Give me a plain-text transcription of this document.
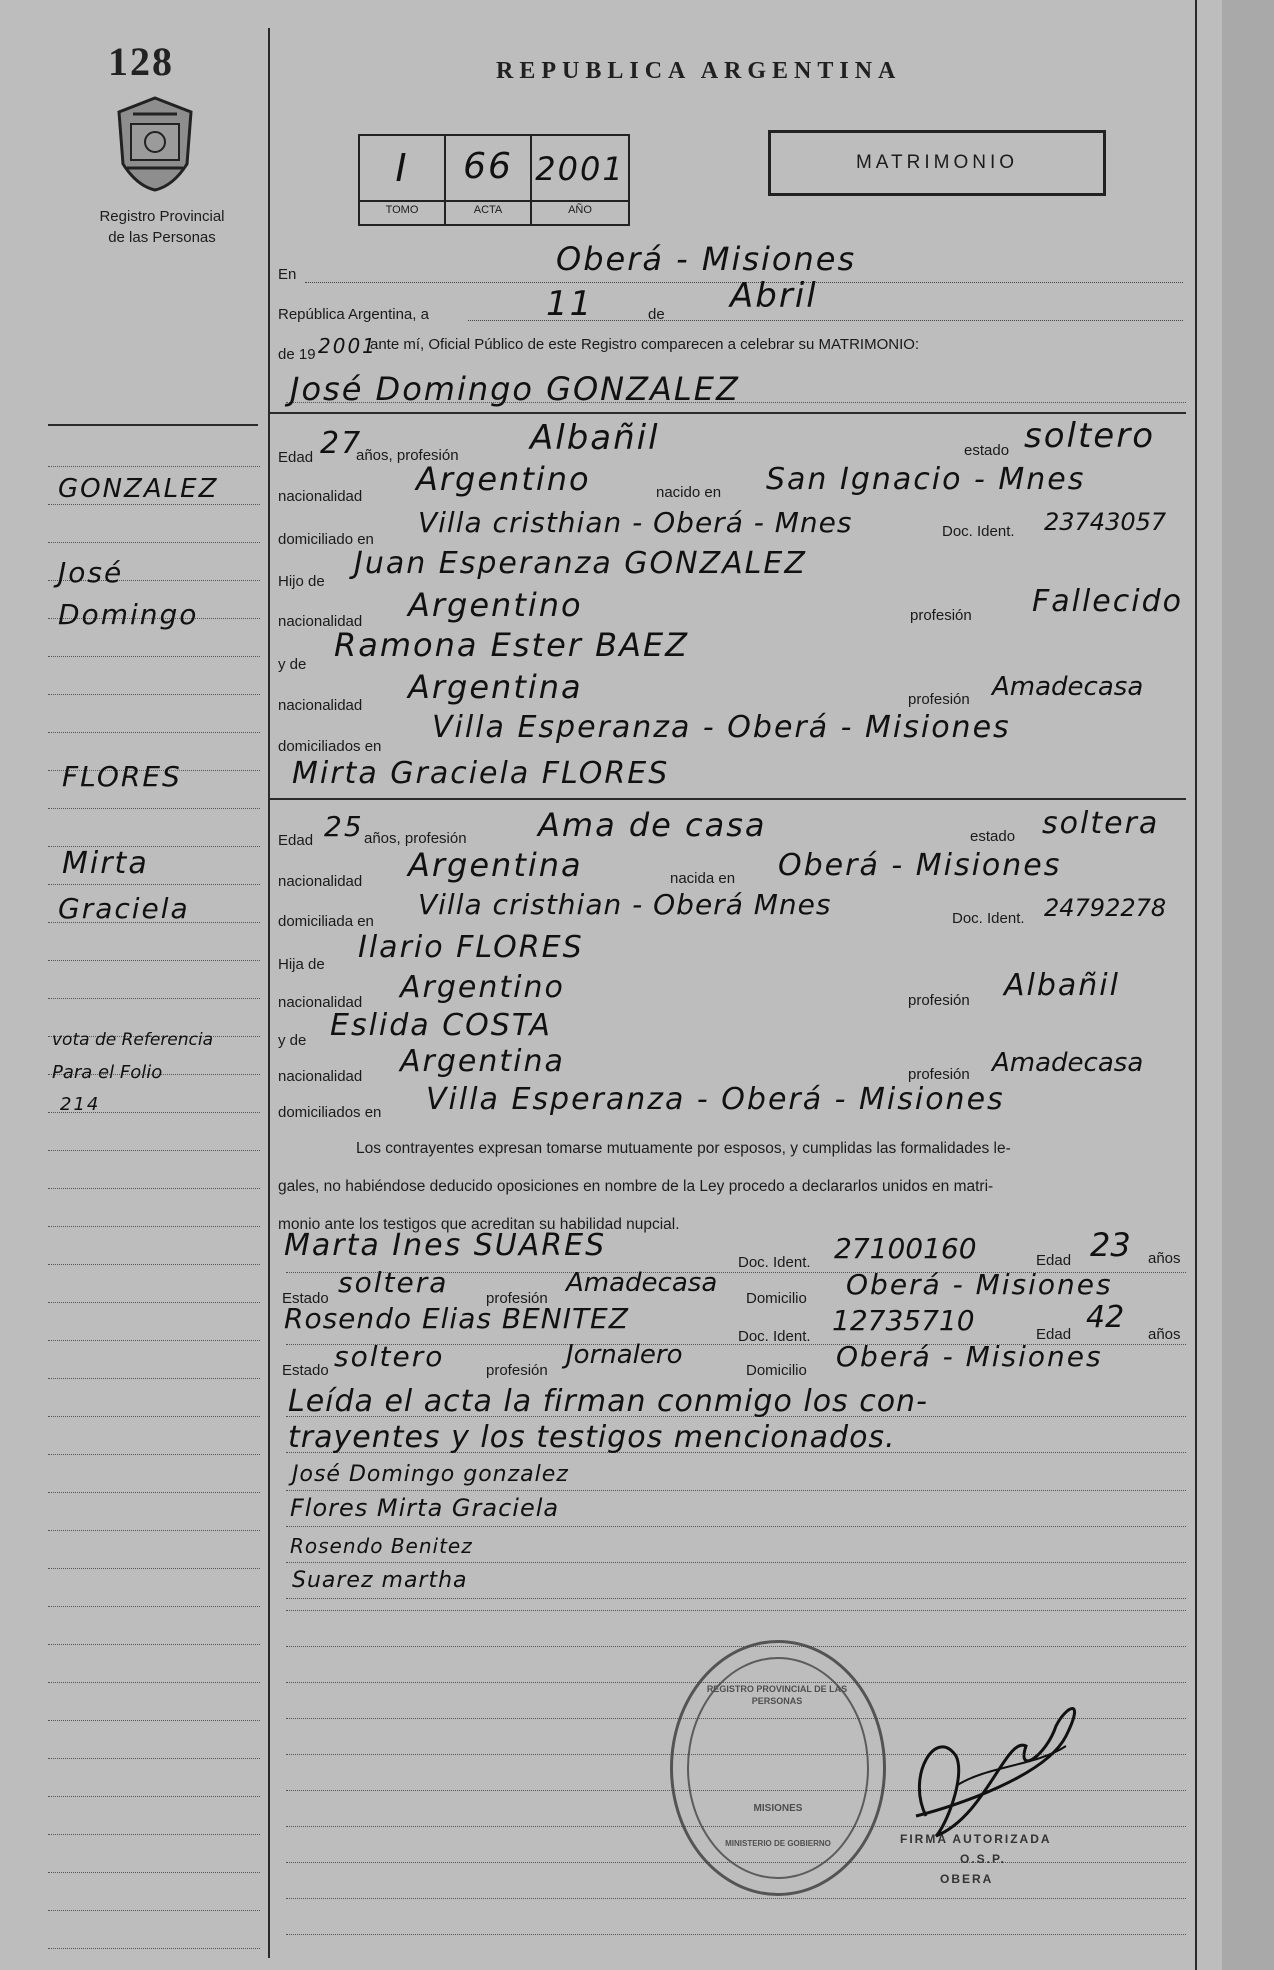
128
Registro Provincial
de las Personas
REPUBLICA ARGENTINA
I	66 2001
TOMO	ACTA	AÑO
MATRIMONIO
En	Oberá - Misiones
República Argentina, a	11	de Abril
de 19 2001
ante mí, Oficial Público de este Registro comparecen a celebrar su MATRIMONIO:
José Domingo GONZALEZ
Edad 27
años, profesión Albañil	estado soltero
nacionalidad Argentino	nacido en San Ignacio - Mnes
domiciliado en
Villa cristhian - Oberá - Mnes	Doc. Ident. 23743057
Hijo de
Juan Esperanza GONZALEZ
nacionalidad Argentino	profesión Fallecido
y de
Ramona Ester BAEZ
nacionalidad Argentina	profesión Amadecasa
domiciliados en
Villa Esperanza - Oberá - Misiones
Mirta Graciela FLORES
Edad 25 años, profesión Ama de casa	estado soltera
nacionalidad Argentina	nacida en Oberá - Misiones
domiciliada en
Villa cristhian - Oberá Mnes	Doc. Ident. 24792278
Hija de Ilario FLORES
nacionalidad Argentino	profesión Albañil
y de Eslida COSTA
nacionalidad Argentina	profesión Amadecasa
domiciliados en Villa Esperanza - Oberá - Misiones
Los contrayentes expresan tomarse mutuamente por esposos, y cumplidas las formalidades le-
gales, no habiéndose deducido oposiciones en nombre de la Ley procedo a declararlos unidos en matri-
monio ante los testigos que acreditan su habilidad nupcial.
Marta Ines SUARES	Doc. Ident. 27100160	Edad 23 años
Estado soltera	profesión
Amadecasa
Domicilio Oberá - Misiones
Rosendo Elias BENITEZ
Doc. Ident. 12735710	Edad 42 años
Estado soltero	profesión
Jornalero
Domicilio Oberá - Misiones
Leída el acta la firman conmigo los con-
trayentes y los testigos mencionados.
José Domingo gonzalez
Flores Mirta Graciela
Rosendo Benitez
Suarez martha
REGISTRO PROVINCIAL DE LAS PERSONAS
MISIONES
MINISTERIO DE GOBIERNO	FIRMA AUTORIZADA
O.S.P.
OBERA
GONZALEZ
José
Domingo
FLORES
Mirta
Graciela
vota de Referencia
Para el Folio
214
